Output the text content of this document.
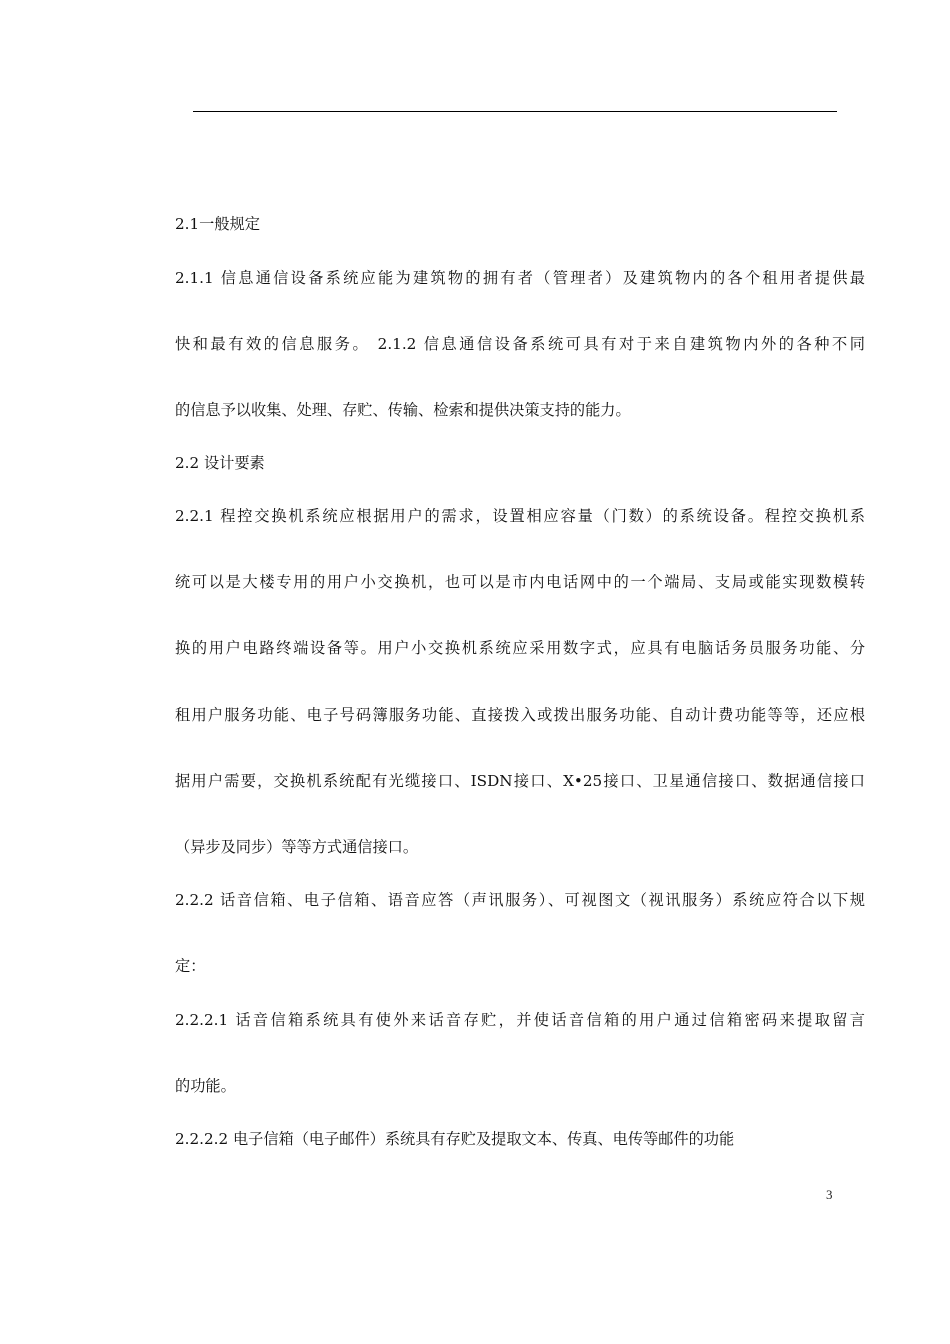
2.1一般规定
2.1.1 信息通信设备系统应能为建筑物的拥有者（管理者）及建筑物内的各个租用者提供最
快和最有效的信息服务。 2.1.2 信息通信设备系统可具有对于来自建筑物内外的各种不同
的信息予以收集、处理、存贮、传输、检索和提供决策支持的能力。
2.2 设计要素
2.2.1 程控交换机系统应根据用户的需求，设置相应容量（门数）的系统设备。程控交换机系
统可以是大楼专用的用户小交换机，也可以是市内电话网中的一个端局、支局或能实现数模转
换的用户电路终端设备等。用户小交换机系统应采用数字式，应具有电脑话务员服务功能、分
租用户服务功能、电子号码簿服务功能、直接拨入或拨出服务功能、自动计费功能等等，还应根
据用户需要，交换机系统配有光缆接口、ISDN接口、X•25接口、卫星通信接口、数据通信接口
（异步及同步）等等方式通信接口。
2.2.2 话音信箱、电子信箱、语音应答（声讯服务）、可视图文（视讯服务）系统应符合以下规
定：
2.2.2.1 话音信箱系统具有使外来话音存贮，并使话音信箱的用户通过信箱密码来提取留言
的功能。
2.2.2.2 电子信箱（电子邮件）系统具有存贮及提取文本、传真、电传等邮件的功能
3
